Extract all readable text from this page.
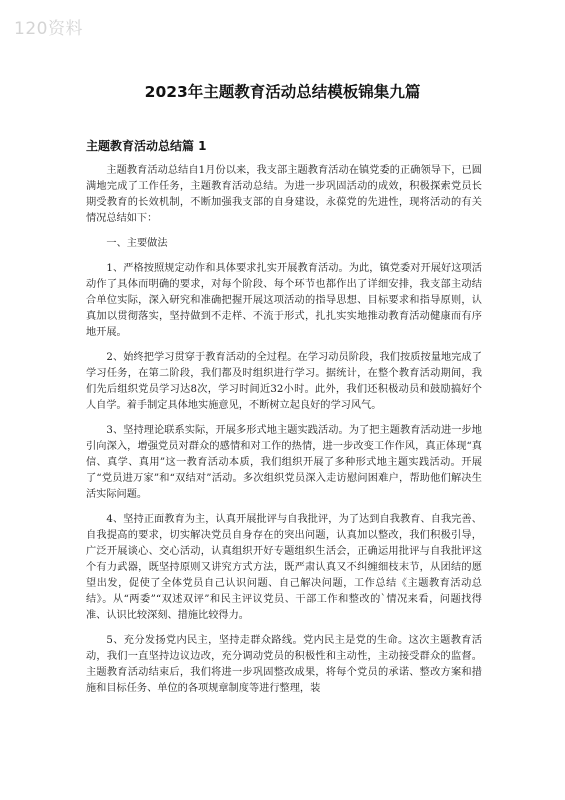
120资料
2023年主题教育活动总结模板锦集九篇
主题教育活动总结篇 1

主题教育活动总结自1月份以来，我支部主题教育活动在镇党委的正确领导下，已圆满地完成了工作任务，主题教育活动总结。为进一步巩固活动的成效，积极探索党员长期受教育的长效机制，不断加强我支部的自身建设，永葆党的先进性，现将活动的有关情况总结如下：

一、主要做法

1、严格按照规定动作和具体要求扎实开展教育活动。为此，镇党委对开展好这项活动作了具体而明确的要求，对每个阶段、每个环节也都作出了详细安排，我支部主动结合单位实际，深入研究和准确把握开展这项活动的指导思想、目标要求和指导原则，认真加以贯彻落实，坚持做到不走样、不流于形式，扎扎实实地推动教育活动健康而有序地开展。

2、始终把学习贯穿于教育活动的全过程。在学习动员阶段，我们按质按量地完成了学习任务，在第二阶段，我们都及时组织进行学习。据统计，在整个教育活动期间，我们先后组织党员学习达8次，学习时间近32小时。此外，我们还积极动员和鼓励搞好个人自学。着手制定具体地实施意见，不断树立起良好的学习风气。

3、坚持理论联系实际，开展多形式地主题实践活动。为了把主题教育活动进一步地引向深入，增强党员对群众的感情和对工作的热情，进一步改变工作作风，真正体现“真信、真学、真用”这一教育活动本质，我们组织开展了多种形式地主题实践活动。开展了“党员进万家”和“双结对”活动。多次组织党员深入走访慰问困难户，帮助他们解决生活实际问题。

4、坚持正面教育为主，认真开展批评与自我批评，为了达到自我教育、自我完善、自我提高的要求，切实解决党员自身存在的突出问题，认真加以整改，我们积极引导，广泛开展谈心、交心活动，认真组织开好专题组织生活会，正确运用批评与自我批评这个有力武器，既坚持原则又讲究方式方法，既严肃认真又不纠缠细枝末节，从团结的愿望出发，促使了全体党员自己认识问题、自己解决问题，工作总结《主题教育活动总结》。从“两委”“双述双评”和民主评议党员、干部工作和整改的`情况来看，问题找得准、认识比较深刻、措施比较得力。

5、充分发扬党内民主，坚持走群众路线。党内民主是党的生命。这次主题教育活动，我们一直坚持边议边改，充分调动党员的积极性和主动性，主动接受群众的监督。主题教育活动结束后，我们将进一步巩固整改成果，将每个党员的承诺、整改方案和措施和目标任务、单位的各项规章制度等进行整理，装
